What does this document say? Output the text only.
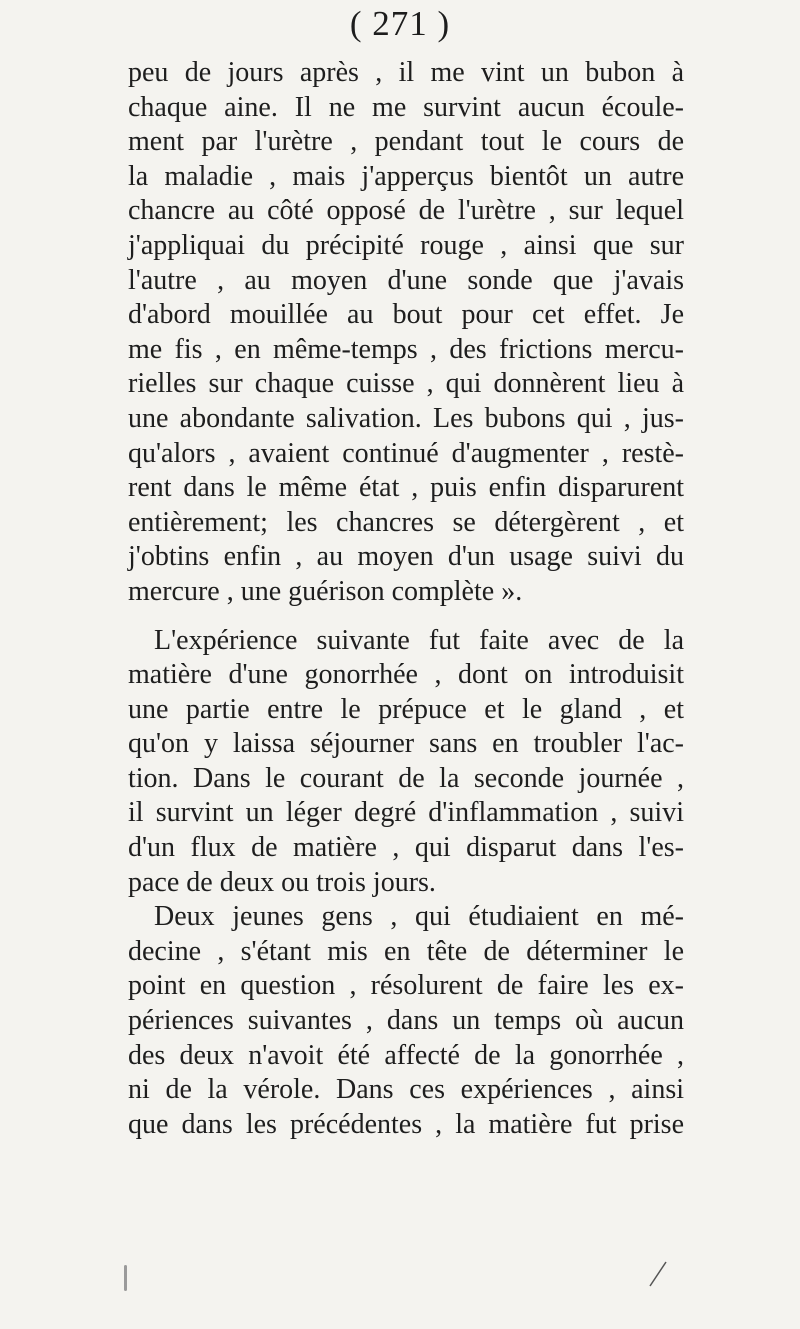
( 271 )
peu de jours après , il me vint un bubon à
chaque aine. Il ne me survint aucun écoule-
ment par l'urètre , pendant tout le cours de
la maladie , mais j'apperçus bientôt un autre
chancre au côté opposé de l'urètre , sur lequel
j'appliquai du précipité rouge , ainsi que sur
l'autre , au moyen d'une sonde que j'avais
d'abord mouillée au bout pour cet effet. Je
me fis , en même-temps , des frictions mercu-
rielles sur chaque cuisse , qui donnèrent lieu à
une abondante salivation. Les bubons qui , jus-
qu'alors , avaient continué d'augmenter , restè-
rent dans le même état , puis enfin disparurent
entièrement; les chancres se détergèrent , et
j'obtins enfin , au moyen d'un usage suivi du
mercure , une guérison complète ».
L'expérience suivante fut faite avec de la
matière d'une gonorrhée , dont on introduisit
une partie entre le prépuce et le gland , et
qu'on y laissa séjourner sans en troubler l'ac-
tion. Dans le courant de la seconde journée ,
il survint un léger degré d'inflammation , suivi
d'un flux de matière , qui disparut dans l'es-
pace de deux ou trois jours.
Deux jeunes gens , qui étudiaient en mé-
decine , s'étant mis en tête de déterminer le
point en question , résolurent de faire les ex-
périences suivantes , dans un temps où aucun
des deux n'avoit été affecté de la gonorrhée ,
ni de la vérole. Dans ces expériences , ainsi
que dans les précédentes , la matière fut prise
